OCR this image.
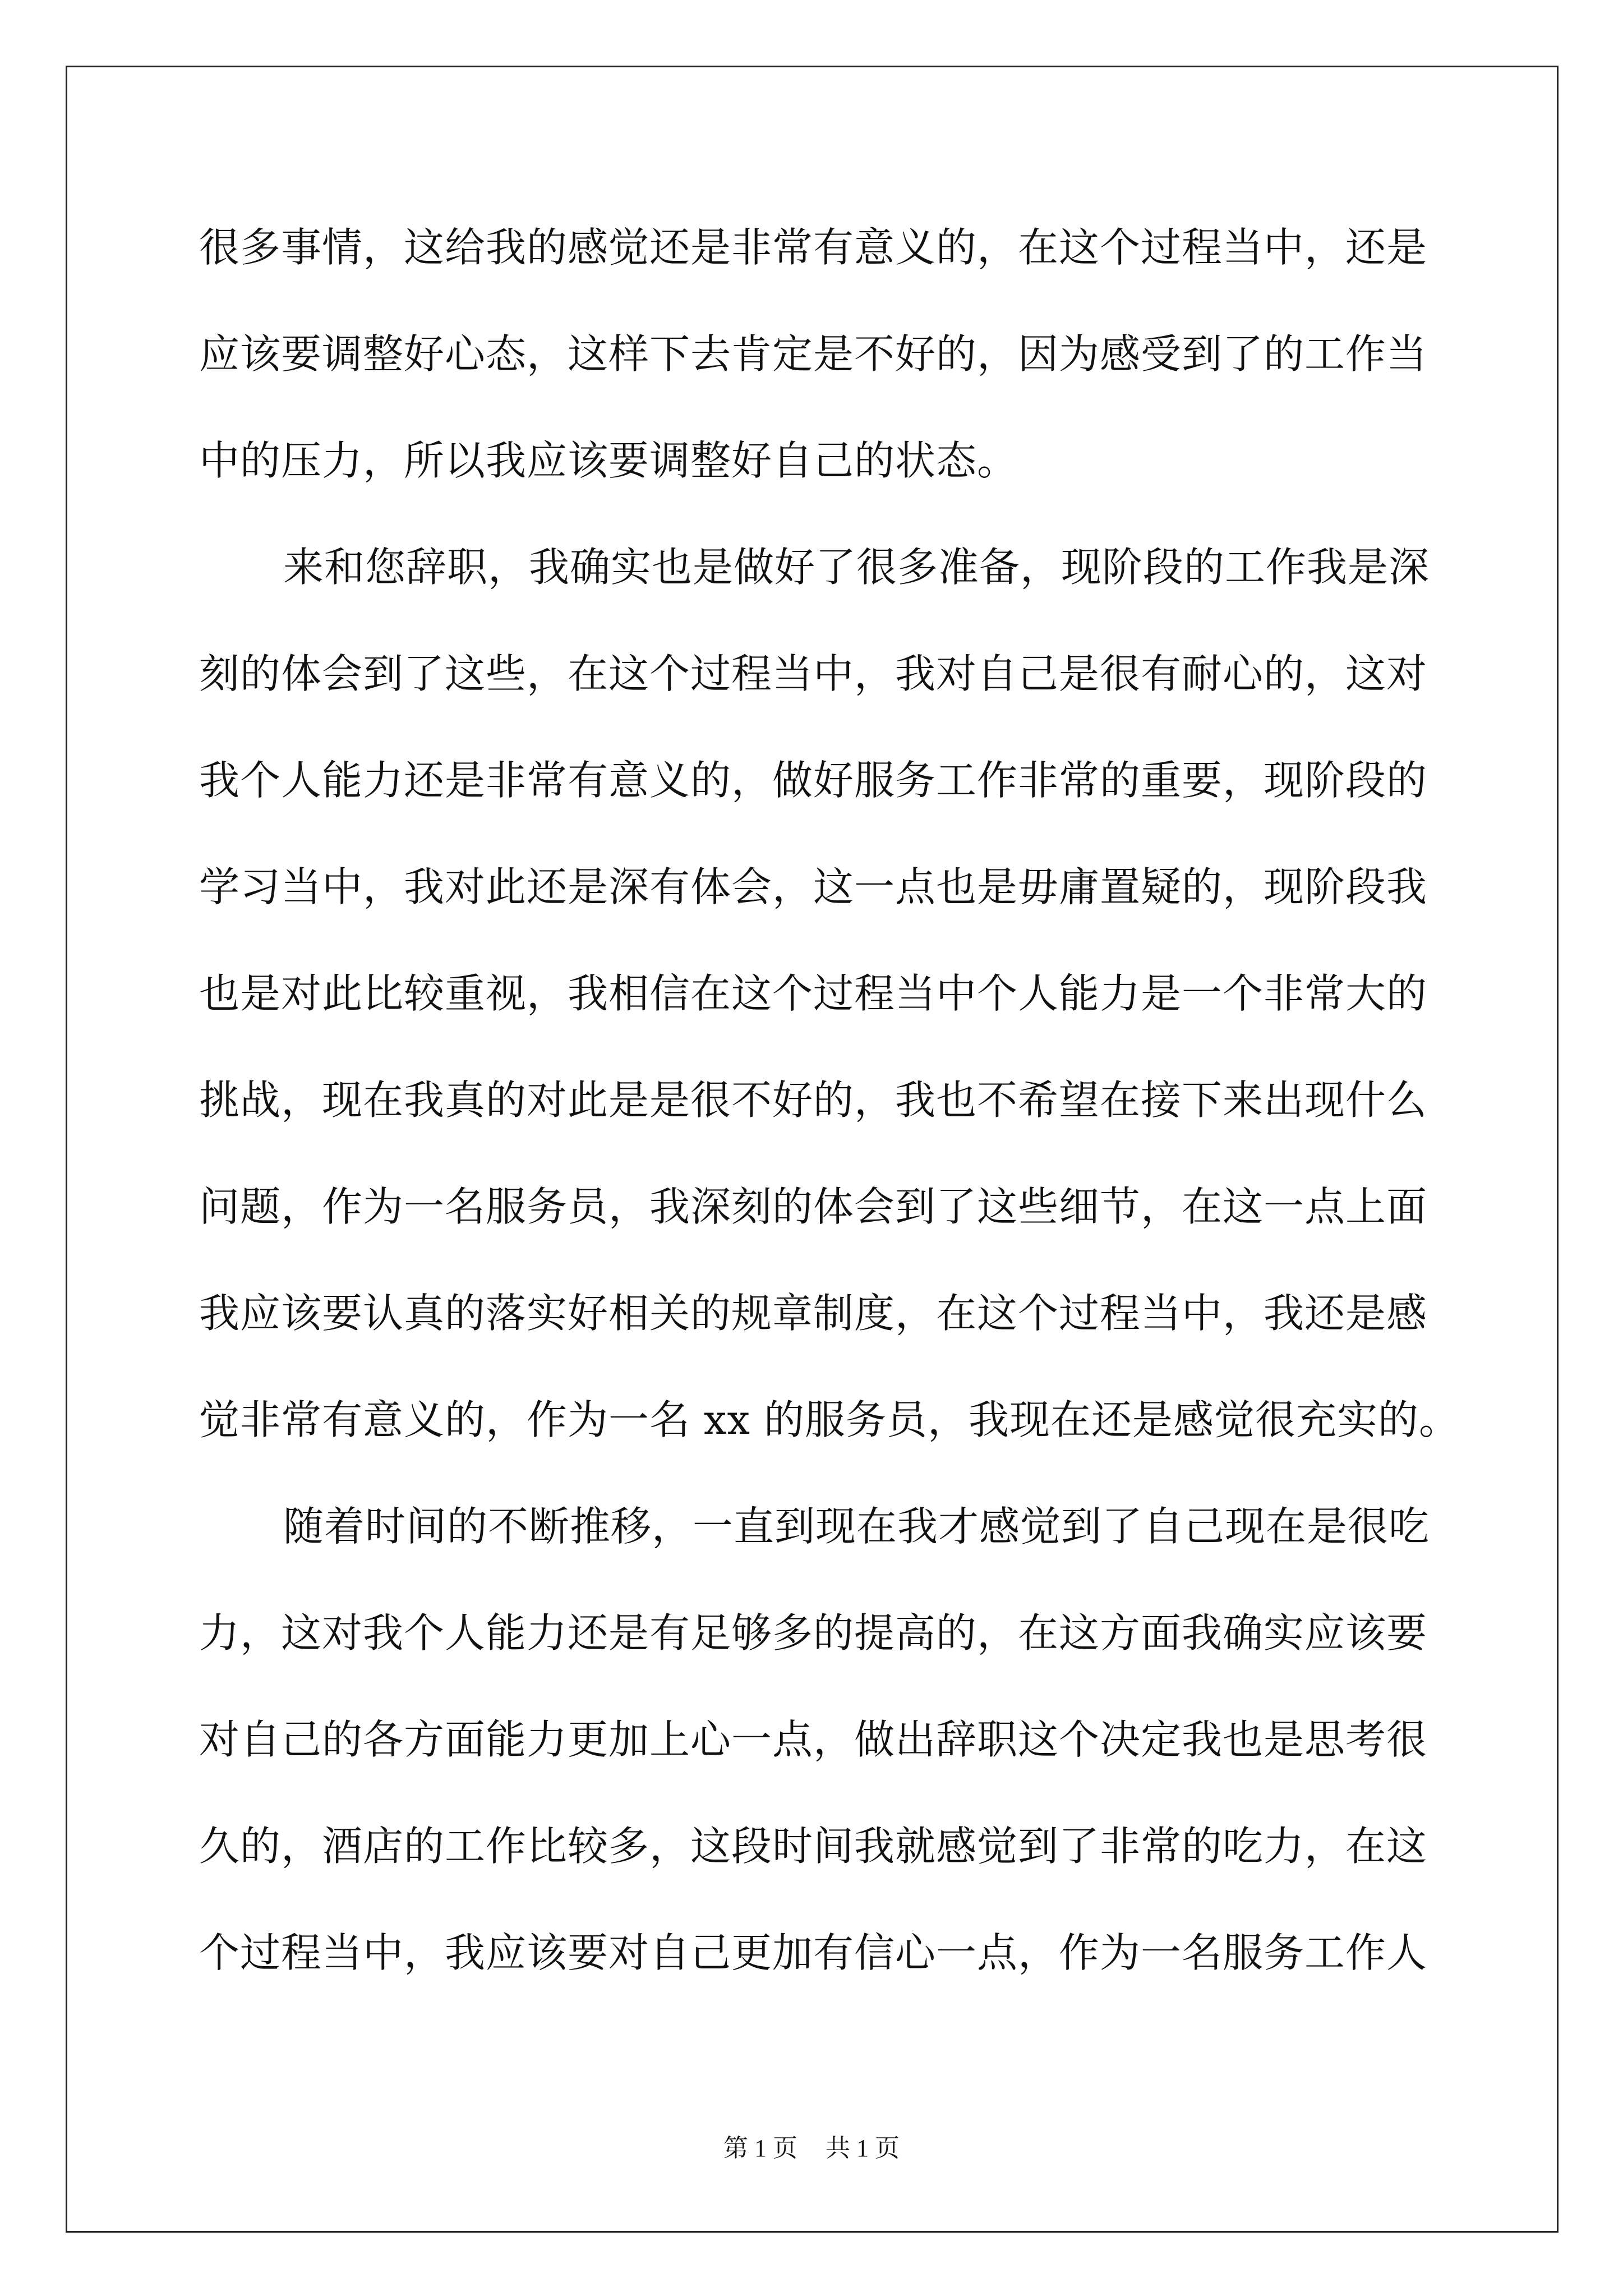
很多事情，这给我的感觉还是非常有意义的，在这个过程当中，还是
应该要调整好心态，这样下去肯定是不好的，因为感受到了的工作当
中的压力，所以我应该要调整好自己的状态。
来和您辞职，我确实也是做好了很多准备，现阶段的工作我是深
刻的体会到了这些，在这个过程当中，我对自己是很有耐心的，这对
我个人能力还是非常有意义的，做好服务工作非常的重要，现阶段的
学习当中，我对此还是深有体会，这一点也是毋庸置疑的，现阶段我
也是对此比较重视，我相信在这个过程当中个人能力是一个非常大的
挑战，现在我真的对此是是很不好的，我也不希望在接下来出现什么
问题，作为一名服务员，我深刻的体会到了这些细节，在这一点上面
我应该要认真的落实好相关的规章制度，在这个过程当中，我还是感
觉非常有意义的，作为一名 xx 的服务员，我现在还是感觉很充实的。
随着时间的不断推移，一直到现在我才感觉到了自己现在是很吃
力，这对我个人能力还是有足够多的提高的，在这方面我确实应该要
对自己的各方面能力更加上心一点，做出辞职这个决定我也是思考很
久的，酒店的工作比较多，这段时间我就感觉到了非常的吃力，在这
个过程当中，我应该要对自己更加有信心一点，作为一名服务工作人
第 1 页 共 1 页
